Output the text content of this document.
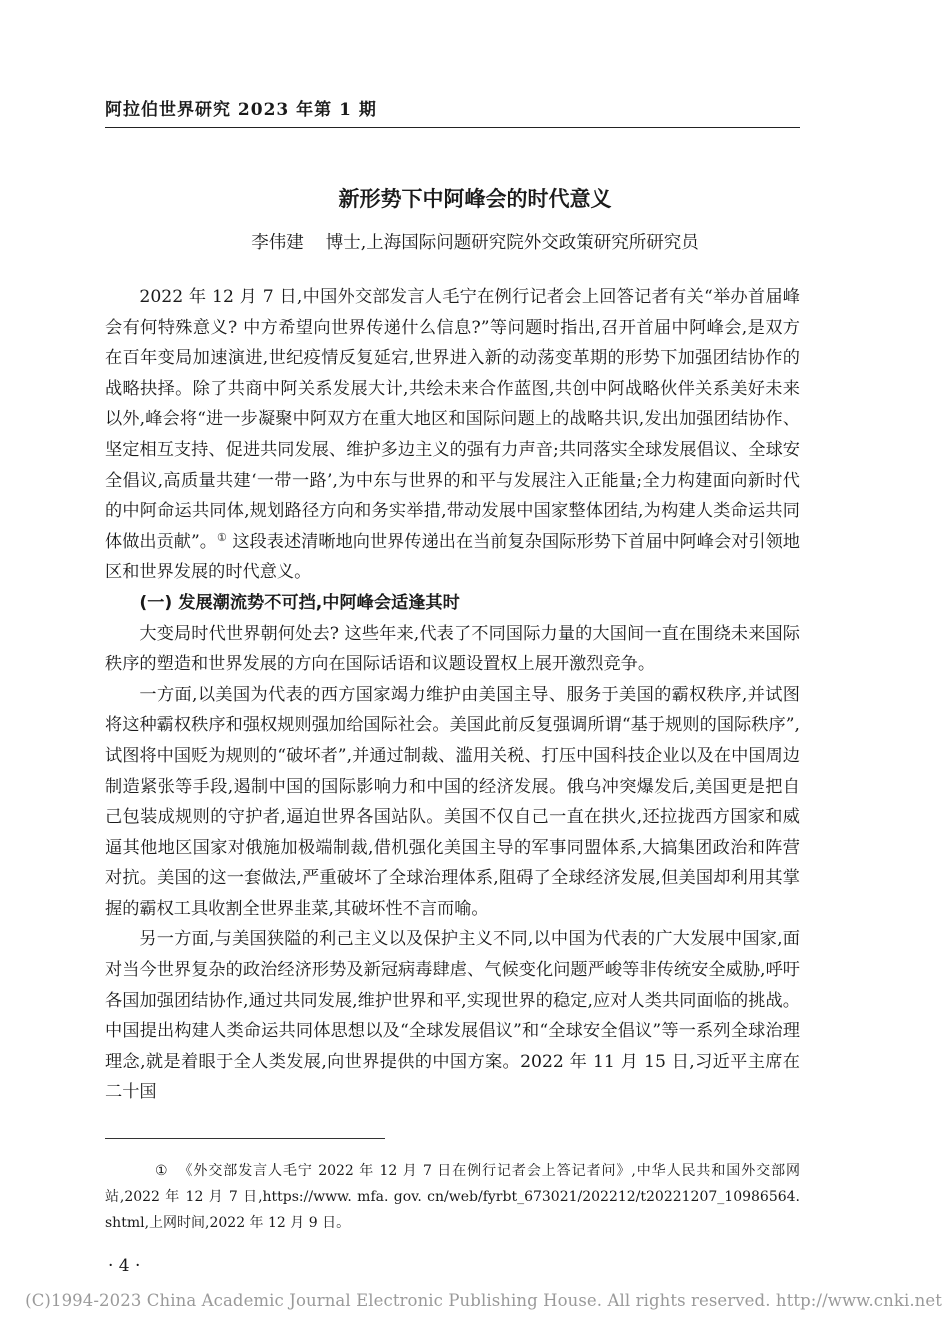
阿拉伯世界研究 2023 年第 1 期
新形势下中阿峰会的时代意义
李伟建 博士,上海国际问题研究院外交政策研究所研究员

2022 年 12 月 7 日,中国外交部发言人毛宁在例行记者会上回答记者有关“举办首届峰会有何特殊意义? 中方希望向世界传递什么信息?”等问题时指出,召开首届中阿峰会,是双方在百年变局加速演进,世纪疫情反复延宕,世界进入新的动荡变革期的形势下加强团结协作的战略抉择。除了共商中阿关系发展大计,共绘未来合作蓝图,共创中阿战略伙伴关系美好未来以外,峰会将“进一步凝聚中阿双方在重大地区和国际问题上的战略共识,发出加强团结协作、坚定相互支持、促进共同发展、维护多边主义的强有力声音;共同落实全球发展倡议、全球安全倡议,高质量共建‘一带一路’,为中东与世界的和平与发展注入正能量;全力构建面向新时代的中阿命运共同体,规划路径方向和务实举措,带动发展中国家整体团结,为构建人类命运共同体做出贡献”。① 这段表述清晰地向世界传递出在当前复杂国际形势下首届中阿峰会对引领地区和世界发展的时代意义。

(一) 发展潮流势不可挡,中阿峰会适逢其时

大变局时代世界朝何处去? 这些年来,代表了不同国际力量的大国间一直在围绕未来国际秩序的塑造和世界发展的方向在国际话语和议题设置权上展开激烈竞争。

一方面,以美国为代表的西方国家竭力维护由美国主导、服务于美国的霸权秩序,并试图将这种霸权秩序和强权规则强加给国际社会。美国此前反复强调所谓“基于规则的国际秩序”,试图将中国贬为规则的“破坏者”,并通过制裁、滥用关税、打压中国科技企业以及在中国周边制造紧张等手段,遏制中国的国际影响力和中国的经济发展。俄乌冲突爆发后,美国更是把自己包装成规则的守护者,逼迫世界各国站队。美国不仅自己一直在拱火,还拉拢西方国家和威逼其他地区国家对俄施加极端制裁,借机强化美国主导的军事同盟体系,大搞集团政治和阵营对抗。美国的这一套做法,严重破坏了全球治理体系,阻碍了全球经济发展,但美国却利用其掌握的霸权工具收割全世界韭菜,其破坏性不言而喻。

另一方面,与美国狭隘的利己主义以及保护主义不同,以中国为代表的广大发展中国家,面对当今世界复杂的政治经济形势及新冠病毒肆虐、气候变化问题严峻等非传统安全威胁,呼吁各国加强团结协作,通过共同发展,维护世界和平,实现世界的稳定,应对人类共同面临的挑战。中国提出构建人类命运共同体思想以及“全球发展倡议”和“全球安全倡议”等一系列全球治理理念,就是着眼于全人类发展,向世界提供的中国方案。2022 年 11 月 15 日,习近平主席在二十国

① 《外交部发言人毛宁 2022 年 12 月 7 日在例行记者会上答记者问》,中华人民共和国外交部网站,2022 年 12 月 7 日,https://www. mfa. gov. cn/web/fyrbt_673021/202212/t20221207_10986564. shtml,上网时间,2022 年 12 月 9 日。
· 4 ·
(C)1994-2023 China Academic Journal Electronic Publishing House. All rights reserved. http://www.cnki.net
